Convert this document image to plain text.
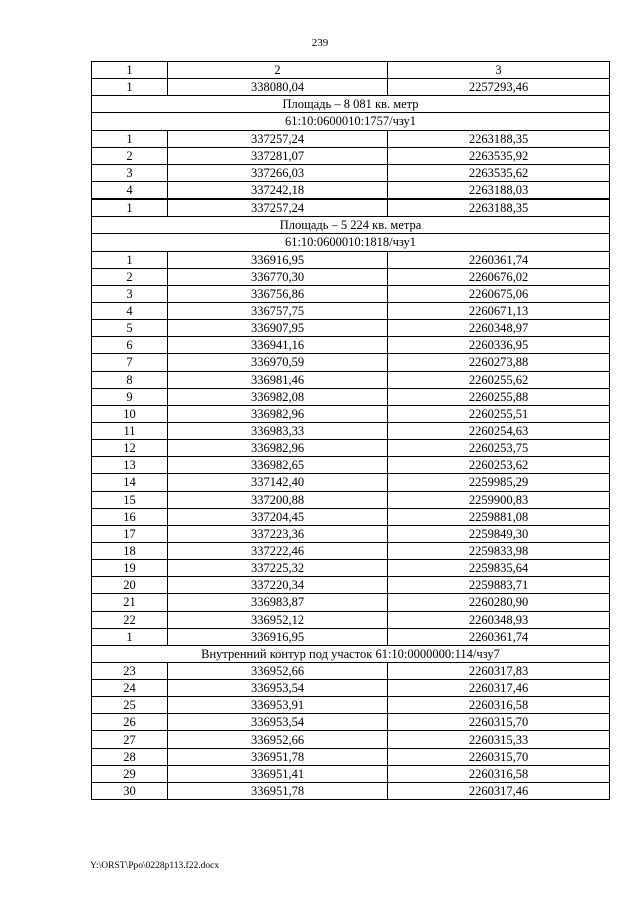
239
1	2	3
1	338080,04	2257293,46
Площадь – 8 081 кв. метр		
61:10:0600010:1757/чзу1		
1	337257,24	2263188,35
2	337281,07	2263535,92
3	337266,03	2263535,62
4	337242,18	2263188,03
1	337257,24	2263188,35
Площадь – 5 224 кв. метра		
61:10:0600010:1818/чзу1		
1	336916,95	2260361,74
2	336770,30	2260676,02
3	336756,86	2260675,06
4	336757,75	2260671,13
5	336907,95	2260348,97
6	336941,16	2260336,95
7	336970,59	2260273,88
8	336981,46	2260255,62
9	336982,08	2260255,88
10	336982,96	2260255,51
11	336983,33	2260254,63
12	336982,96	2260253,75
13	336982,65	2260253,62
14	337142,40	2259985,29
15	337200,88	2259900,83
16	337204,45	2259881,08
17	337223,36	2259849,30
18	337222,46	2259833,98
19	337225,32	2259835,64
20	337220,34	2259883,71
21	336983,87	2260280,90
22	336952,12	2260348,93
1	336916,95	2260361,74
Внутренний контур под участок 61:10:0000000:114/чзу7		
23	336952,66	2260317,83
24	336953,54	2260317,46
25	336953,91	2260316,58
26	336953,54	2260315,70
27	336952,66	2260315,33
28	336951,78	2260315,70
29	336951,41	2260316,58
30	336951,78	2260317,46
Y:\ORST\Ppo\0228p113.f22.docx
